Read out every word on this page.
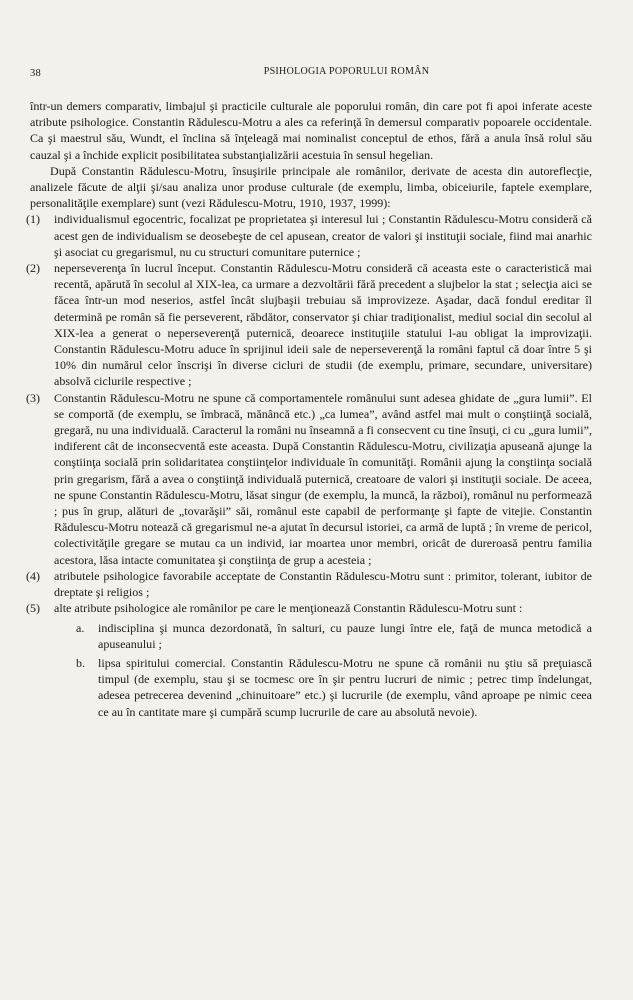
38	PSIHOLOGIA POPORULUI ROMÂN

într-un demers comparativ, limbajul şi practicile culturale ale poporului român, din care pot fi apoi inferate aceste atribute psihologice. Constantin Rădulescu-Motru a ales ca referinţă în demersul comparativ popoarele occidentale. Ca şi maestrul său, Wundt, el înclina să înţeleagă mai nominalist conceptul de ethos, fără a anula însă rolul său cauzal şi a închide explicit posibilitatea substanţializării acestuia în sensul hegelian.

După Constantin Rădulescu-Motru, însuşirile principale ale românilor, derivate de acesta din autoreflecţie, analizele făcute de alţii şi/sau analiza unor produse culturale (de exemplu, limba, obiceiurile, faptele exemplare, personalităţile exemplare) sunt (vezi Rădulescu-Motru, 1910, 1937, 1999):

(1) individualismul egocentric, focalizat pe proprietatea şi interesul lui ; Constantin Rădulescu-Motru consideră că acest gen de individualism se deosebeşte de cel apusean, creator de valori şi instituţii sociale, fiind mai anarhic şi asociat cu gregarismul, nu cu structuri comunitare puternice ;
(2) neperseverenţa în lucrul început. Constantin Rădulescu-Motru consideră că aceasta este o caracteristică mai recentă, apărută în secolul al XIX-lea, ca urmare a dezvoltării fără precedent a slujbelor la stat ; selecţia aici se făcea într-un mod neserios, astfel încât slujbaşii trebuiau să improvizeze. Aşadar, dacă fondul ereditar îl determină pe român să fie perseverent, răbdător, conservator şi chiar tradiţionalist, mediul social din secolul al XIX-lea a generat o neperseverenţă puternică, deoarece instituţiile statului l-au obligat la improvizaţii. Constantin Rădulescu-Motru aduce în sprijinul ideii sale de neperseverenţă la români faptul că doar între 5 şi 10% din numărul celor înscrişi în diverse cicluri de studii (de exemplu, primare, secundare, universitare) absolvă ciclurile respective ;
(3) Constantin Rădulescu-Motru ne spune că comportamentele românului sunt adesea ghidate de „gura lumii”. El se comportă (de exemplu, se îmbracă, mănâncă etc.) „ca lumea”, având astfel mai mult o conştiinţă socială, gregară, nu una individuală. Caracterul la români nu înseamnă a fi consecvent cu tine însuţi, ci cu „gura lumii”, indiferent cât de inconsecventă este aceasta. După Constantin Rădulescu-Motru, civilizaţia apuseană ajunge la conştiinţa socială prin solidaritatea conştiinţelor individuale în comunităţi. Românii ajung la conştiinţa socială prin gregarism, fără a avea o conştiinţă individuală puternică, creatoare de valori şi instituţii sociale. De aceea, ne spune Constantin Rădulescu-Motru, lăsat singur (de exemplu, la muncă, la război), românul nu performează ; pus în grup, alături de „tovarăşii” săi, românul este capabil de performanţe şi fapte de vitejie. Constantin Rădulescu-Motru notează că gregarismul ne-a ajutat în decursul istoriei, ca armă de luptă ; în vreme de pericol, colectivităţile gregare se mutau ca un individ, iar moartea unor membri, oricât de dureroasă pentru familia acestora, lăsa intacte comunitatea şi conştiinţa de grup a acesteia ;
(4) atributele psihologice favorabile acceptate de Constantin Rădulescu-Motru sunt : primitor, tolerant, iubitor de dreptate şi religios ;
(5) alte atribute psihologice ale românilor pe care le menţionează Constantin Rădulescu-Motru sunt :
a. indisciplina şi munca dezordonată, în salturi, cu pauze lungi între ele, faţă de munca metodică a apuseanului ;
b. lipsa spiritului comercial. Constantin Rădulescu-Motru ne spune că românii nu ştiu să preţuiască timpul (de exemplu, stau şi se tocmesc ore în şir pentru lucruri de nimic ; petrec timp îndelungat, adesea petrecerea devenind „chinuitoare” etc.) şi lucrurile (de exemplu, vând aproape pe nimic ceea ce au în cantitate mare şi cumpără scump lucrurile de care au absolută nevoie).
